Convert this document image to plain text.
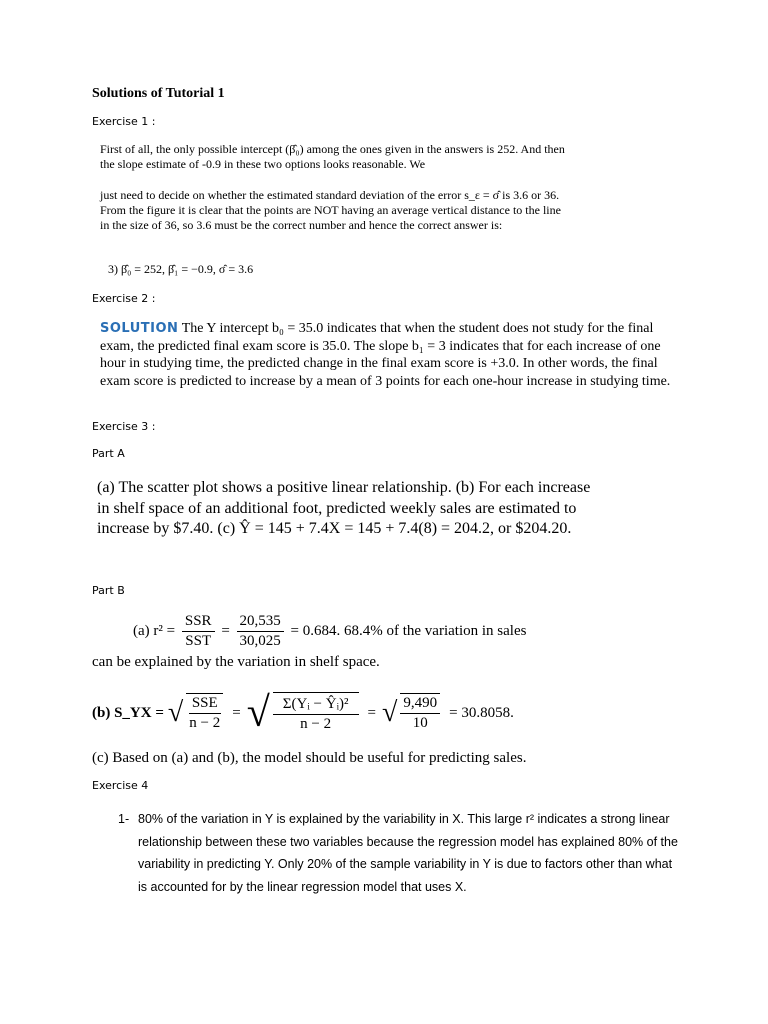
Solutions of Tutorial 1
Exercise 1 :
First of all, the only possible intercept (β̂₀) among the ones given in the answers is 252. And then the slope estimate of -0.9 in these two options looks reasonable. We
just need to decide on whether the estimated standard deviation of the error s_ε = σ̂ is 3.6 or 36. From the figure it is clear that the points are NOT having an average vertical distance to the line in the size of 36, so 3.6 must be the correct number and hence the correct answer is:
3) β̂₀ = 252, β̂₁ = −0.9, σ̂ = 3.6
Exercise 2 :
SOLUTION The Y intercept b₀ = 35.0 indicates that when the student does not study for the final exam, the predicted final exam score is 35.0. The slope b₁ = 3 indicates that for each increase of one hour in studying time, the predicted change in the final exam score is +3.0. In other words, the final exam score is predicted to increase by a mean of 3 points for each one-hour increase in studying time.
Exercise 3 :
Part A
(a) The scatter plot shows a positive linear relationship. (b) For each increase in shelf space of an additional foot, predicted weekly sales are estimated to increase by $7.40. (c) Ŷ = 145 + 7.4X = 145 + 7.4(8) = 204.2, or $204.20.
Part B
(a) $r^2 = \frac{\text{SSR}}{\text{SST}} = \frac{20,535}{30,025} = 0.684$. 68.4% of the variation in sales
can be explained by the variation in shelf space.
(b) S_YX = √ $\frac{\text{SSE}}{n - 2}$ = √ $\frac{\text{Σ(Yᵢ − Ŷᵢ)²}}{n - 2}$ = √ $\frac{9,490}{10} = 30.8058$.
(c) Based on (a) and (b), the model should be useful for predicting sales.
Exercise 4
1- 80% of the variation in Y is explained by the variability in X. This large r² indicates a strong linear relationship between these two variables because the regression model has explained 80% of the variability in predicting Y. Only 20% of the sample variability in Y is due to factors other than what is accounted for by the linear regression model that uses X.
